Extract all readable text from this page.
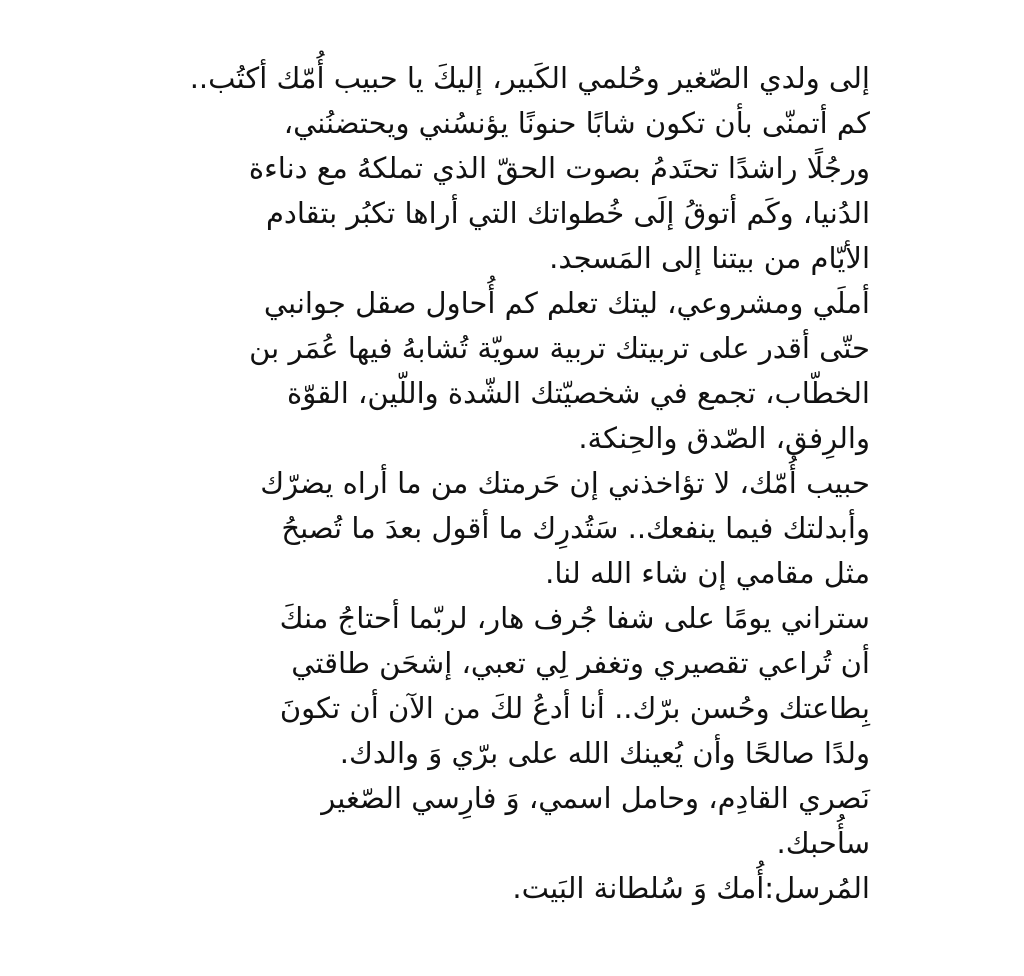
إلى ولدي الصّغير وحُلمي الكَبير، إليكَ يا حبيب أُمّك أكتُب..
كم أتمنّى بأن تكون شابًا حنونًا يؤنسُني ويحتضنُني،
ورجُلًا راشدًا تحتَدمُ بصوت الحقّ الذي تملكهُ مع دناءة
الدُنيا، وكَم أتوقُ إلَى خُطواتك التي أراها تكبُر بتقادم
الأيّام من بيتنا إلى المَسجد.
أملَي ومشروعي، ليتك تعلم كم أُحاول صقل جوانبي
حتّى أقدر على تربيتك تربية سويّة تُشابهُ فيها عُمَر بن
الخطّاب، تجمع في شخصيّتك الشّدة واللّين، القوّة
والرِفق، الصّدق والحِنكة.
حبيب أُمّك، لا تؤاخذني إن حَرمتك من ما أراه يضرّك
وأبدلتك فيما ينفعك.. سَتُدرِك ما أقول بعدَ ما تُصبحُ
مثل مقامي إن شاء الله لنا.
ستراني يومًا على شفا جُرف هار، لربّما أحتاجُ منكَ
أن تُراعي تقصيري وتغفر لِي تعبي، إشحَن طاقتي
بِطاعتك وحُسن برّك.. أنا أدعُ لكَ من الآن أن تكونَ
ولدًا صالحًا وأن يُعينك الله على برّي وَ والدك.
نَصري القادِم، وحامل اسمي، وَ فارِسي الصّغير
سأُحبك.
المُرسل:أُمك وَ سُلطانة البَيت.
